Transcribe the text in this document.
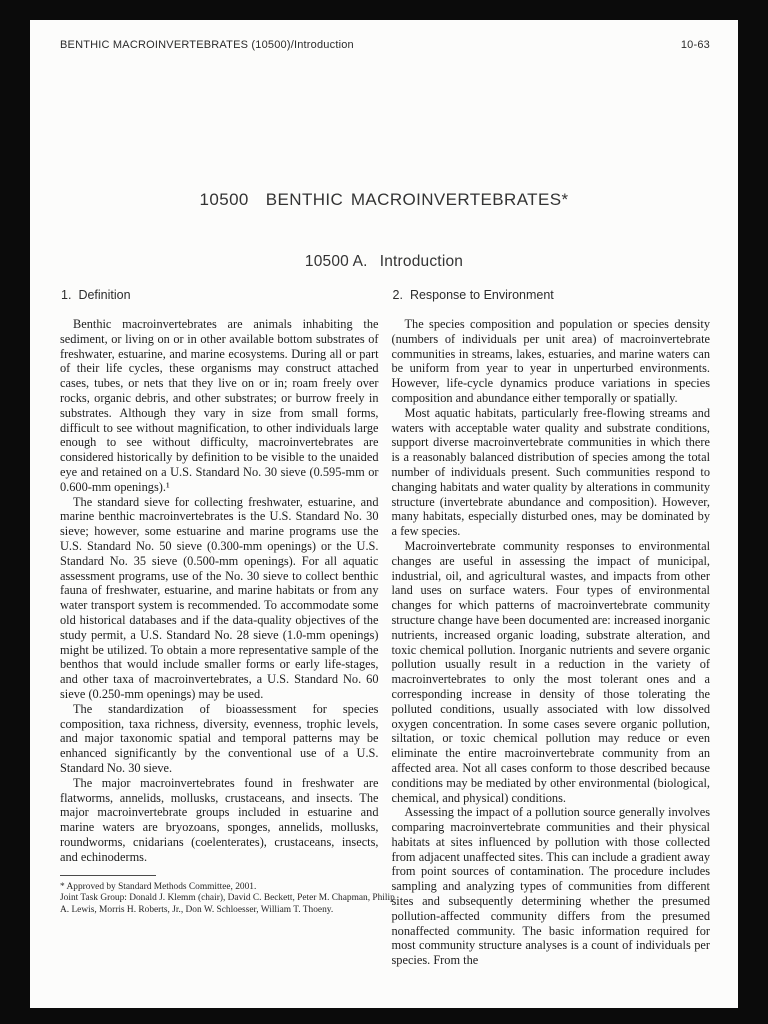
BENTHIC MACROINVERTEBRATES (10500)/Introduction	10-63
10500 BENTHIC MACROINVERTEBRATES*
10500 A. Introduction
1. Definition

Benthic macroinvertebrates are animals inhabiting the sediment, or living on or in other available bottom substrates of freshwater, estuarine, and marine ecosystems. During all or part of their life cycles, these organisms may construct attached cases, tubes, or nets that they live on or in; roam freely over rocks, organic debris, and other substrates; or burrow freely in substrates. Although they vary in size from small forms, difficult to see without magnification, to other individuals large enough to see without difficulty, macroinvertebrates are considered historically by definition to be visible to the unaided eye and retained on a U.S. Standard No. 30 sieve (0.595-mm or 0.600-mm openings).¹

The standard sieve for collecting freshwater, estuarine, and marine benthic macroinvertebrates is the U.S. Standard No. 30 sieve; however, some estuarine and marine programs use the U.S. Standard No. 50 sieve (0.300-mm openings) or the U.S. Standard No. 35 sieve (0.500-mm openings). For all aquatic assessment programs, use of the No. 30 sieve to collect benthic fauna of freshwater, estuarine, and marine habitats or from any water transport system is recommended. To accommodate some old historical databases and if the data-quality objectives of the study permit, a U.S. Standard No. 28 sieve (1.0-mm openings) might be utilized. To obtain a more representative sample of the benthos that would include smaller forms or early life-stages, and other taxa of macroinvertebrates, a U.S. Standard No. 60 sieve (0.250-mm openings) may be used.

The standardization of bioassessment for species composition, taxa richness, diversity, evenness, trophic levels, and major taxonomic spatial and temporal patterns may be enhanced significantly by the conventional use of a U.S. Standard No. 30 sieve.

The major macroinvertebrates found in freshwater are flatworms, annelids, mollusks, crustaceans, and insects. The major macroinvertebrate groups included in estuarine and marine waters are bryozoans, sponges, annelids, mollusks, roundworms, cnidarians (coelenterates), crustaceans, insects, and echinoderms.

2. Response to Environment

The species composition and population or species density (numbers of individuals per unit area) of macroinvertebrate communities in streams, lakes, estuaries, and marine waters can be uniform from year to year in unperturbed environments. However, life-cycle dynamics produce variations in species composition and abundance either temporally or spatially.

Most aquatic habitats, particularly free-flowing streams and waters with acceptable water quality and substrate conditions, support diverse macroinvertebrate communities in which there is a reasonably balanced distribution of species among the total number of individuals present. Such communities respond to changing habitats and water quality by alterations in community structure (invertebrate abundance and composition). However, many habitats, especially disturbed ones, may be dominated by a few species.

Macroinvertebrate community responses to environmental changes are useful in assessing the impact of municipal, industrial, oil, and agricultural wastes, and impacts from other land uses on surface waters. Four types of environmental changes for which patterns of macroinvertebrate community structure change have been documented are: increased inorganic nutrients, increased organic loading, substrate alteration, and toxic chemical pollution. Inorganic nutrients and severe organic pollution usually result in a reduction in the variety of macroinvertebrates to only the most tolerant ones and a corresponding increase in density of those tolerating the polluted conditions, usually associated with low dissolved oxygen concentration. In some cases severe organic pollution, siltation, or toxic chemical pollution may reduce or even eliminate the entire macroinvertebrate community from an affected area. Not all cases conform to those described because conditions may be mediated by other environmental (biological, chemical, and physical) conditions.

Assessing the impact of a pollution source generally involves comparing macroinvertebrate communities and their physical habitats at sites influenced by pollution with those collected from adjacent unaffected sites. This can include a gradient away from point sources of contamination. The procedure includes sampling and analyzing types of communities from different sites and subsequently determining whether the presumed pollution-affected community differs from the presumed nonaffected community. The basic information required for most community structure analyses is a count of individuals per species. From the

* Approved by Standard Methods Committee, 2001.
Joint Task Group: Donald J. Klemm (chair), David C. Beckett, Peter M. Chapman, Philip A. Lewis, Morris H. Roberts, Jr., Don W. Schloesser, William T. Thoeny.
